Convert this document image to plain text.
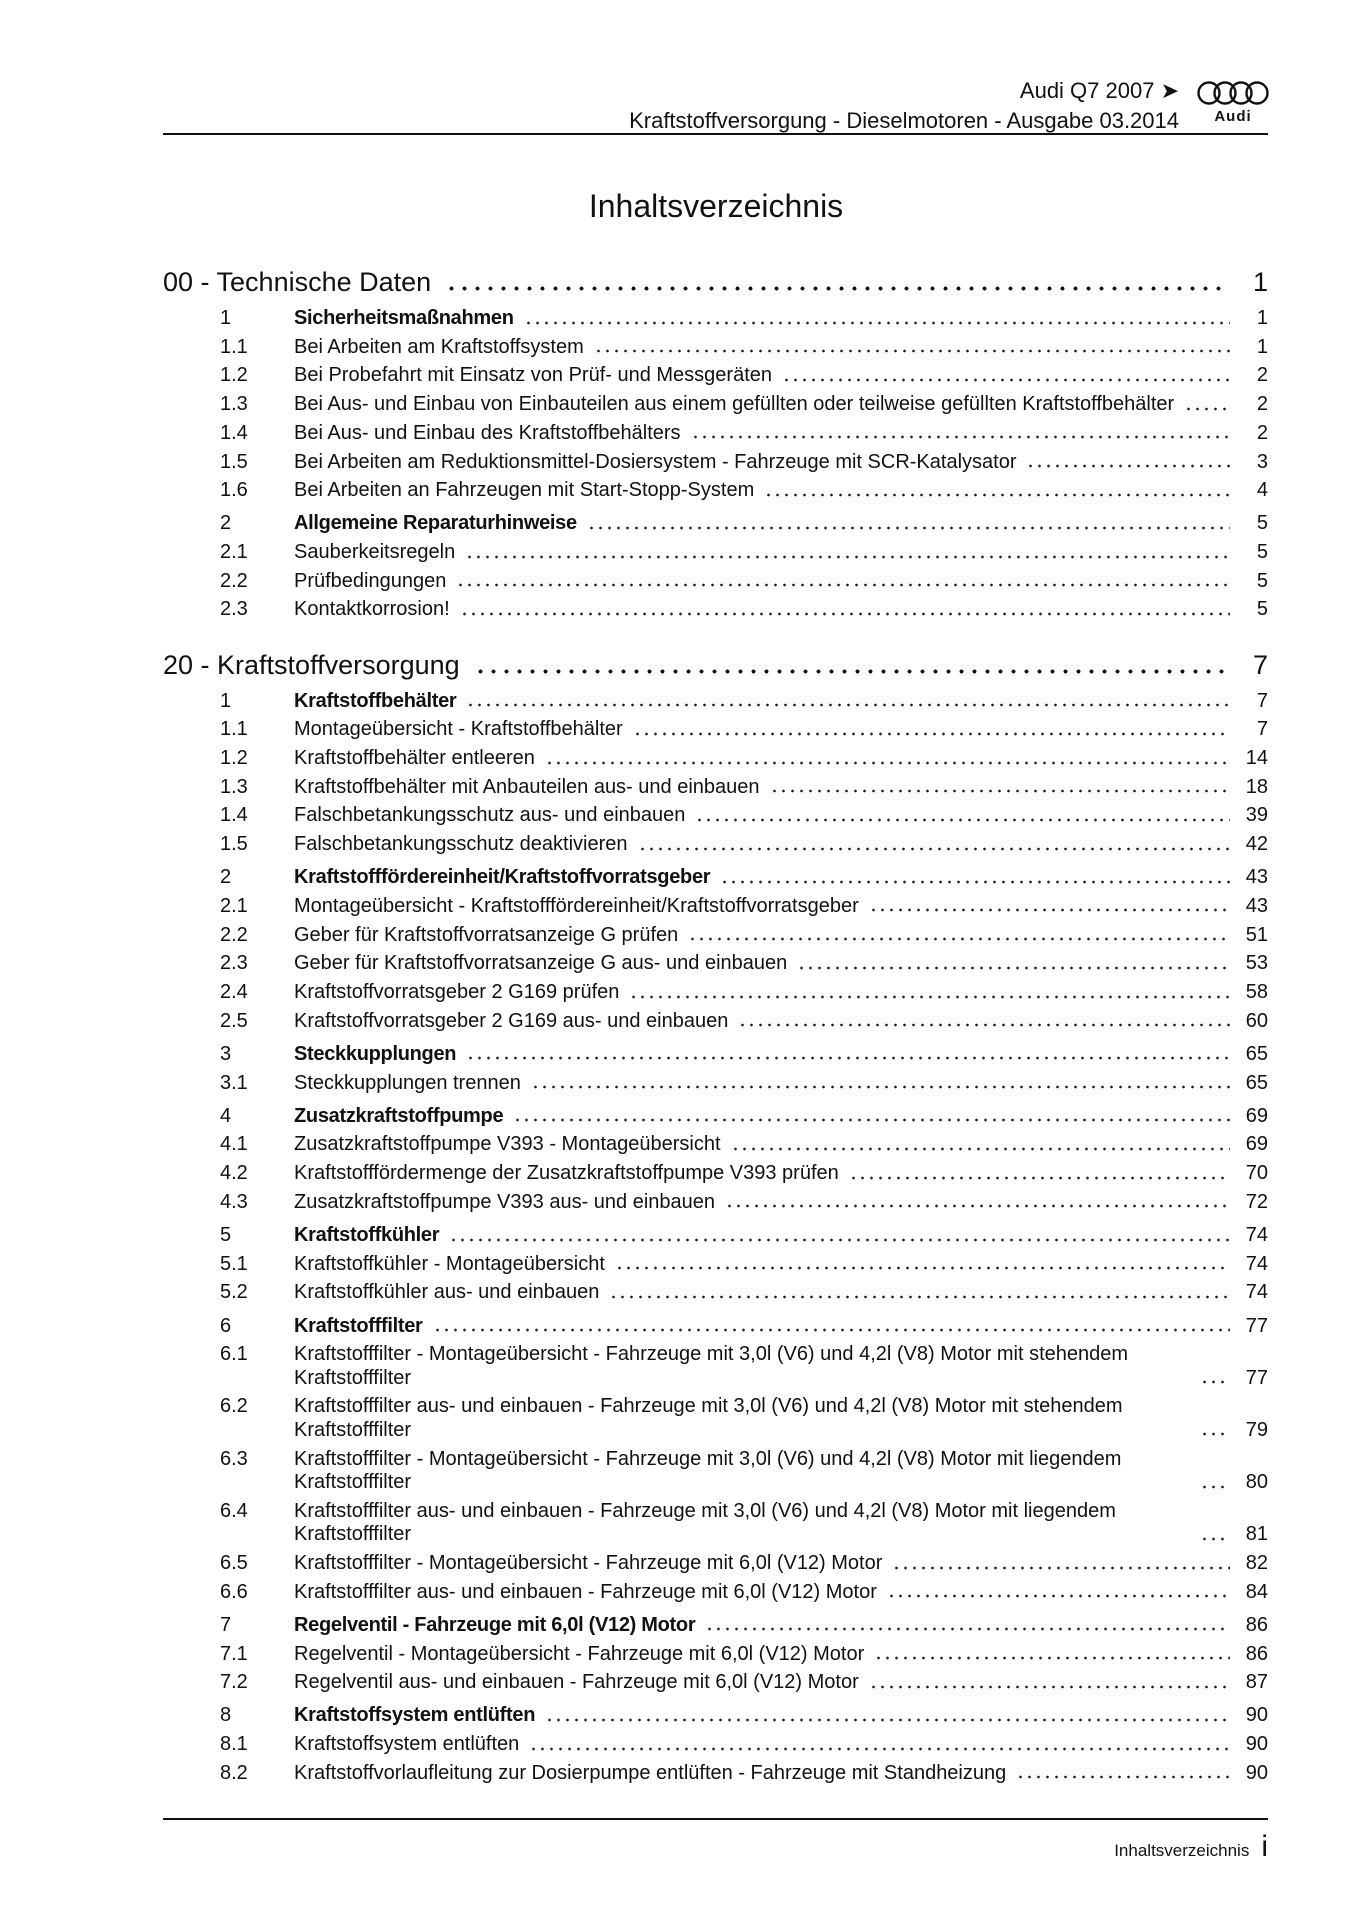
Audi Q7 2007 ➤
Kraftstoffversorgung - Dieselmotoren - Ausgabe 03.2014	Audi
Inhaltsverzeichnis
00 - Technische Daten	1
1	Sicherheitsmaßnahmen	1
1.1	Bei Arbeiten am Kraftstoffsystem	1
1.2	Bei Probefahrt mit Einsatz von Prüf- und Messgeräten	2
1.3	Bei Aus- und Einbau von Einbauteilen aus einem gefüllten oder teilweise gefüllten Kraftstoffbehälter	2
1.4	Bei Aus- und Einbau des Kraftstoffbehälters	2
1.5	Bei Arbeiten am Reduktionsmittel-Dosiersystem - Fahrzeuge mit SCR-Katalysator	3
1.6	Bei Arbeiten an Fahrzeugen mit Start-Stopp-System	4
2	Allgemeine Reparaturhinweise	5
2.1	Sauberkeitsregeln	5
2.2	Prüfbedingungen	5
2.3	Kontaktkorrosion!	5
20 - Kraftstoffversorgung	7
1	Kraftstoffbehälter	7
1.1	Montageübersicht - Kraftstoffbehälter	7
1.2	Kraftstoffbehälter entleeren	14
1.3	Kraftstoffbehälter mit Anbauteilen aus- und einbauen	18
1.4	Falschbetankungsschutz aus- und einbauen	39
1.5	Falschbetankungsschutz deaktivieren	42
2	Kraftstofffördereinheit/Kraftstoffvorratsgeber	43
2.1	Montageübersicht - Kraftstofffördereinheit/Kraftstoffvorratsgeber	43
2.2	Geber für Kraftstoffvorratsanzeige G prüfen	51
2.3	Geber für Kraftstoffvorratsanzeige G aus- und einbauen	53
2.4	Kraftstoffvorratsgeber 2 G169 prüfen	58
2.5	Kraftstoffvorratsgeber 2 G169 aus- und einbauen	60
3	Steckkupplungen	65
3.1	Steckkupplungen trennen	65
4	Zusatzkraftstoffpumpe	69
4.1	Zusatzkraftstoffpumpe V393 - Montageübersicht	69
4.2	Kraftstofffördermenge der Zusatzkraftstoffpumpe V393 prüfen	70
4.3	Zusatzkraftstoffpumpe V393 aus- und einbauen	72
5	Kraftstoffkühler	74
5.1	Kraftstoffkühler - Montageübersicht	74
5.2	Kraftstoffkühler aus- und einbauen	74
6	Kraftstofffilter	77
6.1	Kraftstofffilter - Montageübersicht - Fahrzeuge mit 3,0l (V6) und 4,2l (V8) Motor mit stehendem Kraftstofffilter	77
6.2	Kraftstofffilter aus- und einbauen - Fahrzeuge mit 3,0l (V6) und 4,2l (V8) Motor mit stehendem Kraftstofffilter	79
6.3	Kraftstofffilter - Montageübersicht - Fahrzeuge mit 3,0l (V6) und 4,2l (V8) Motor mit liegendem Kraftstofffilter	80
6.4	Kraftstofffilter aus- und einbauen - Fahrzeuge mit 3,0l (V6) und 4,2l (V8) Motor mit liegendem Kraftstofffilter	81
6.5	Kraftstofffilter - Montageübersicht - Fahrzeuge mit 6,0l (V12) Motor	82
6.6	Kraftstofffilter aus- und einbauen - Fahrzeuge mit 6,0l (V12) Motor	84
7	Regelventil - Fahrzeuge mit 6,0l (V12) Motor	86
7.1	Regelventil - Montageübersicht - Fahrzeuge mit 6,0l (V12) Motor	86
7.2	Regelventil aus- und einbauen - Fahrzeuge mit 6,0l (V12) Motor	87
8	Kraftstoffsystem entlüften	90
8.1	Kraftstoffsystem entlüften	90
8.2	Kraftstoffvorlaufleitung zur Dosierpumpe entlüften - Fahrzeuge mit Standheizung	90
Inhaltsverzeichnis i
